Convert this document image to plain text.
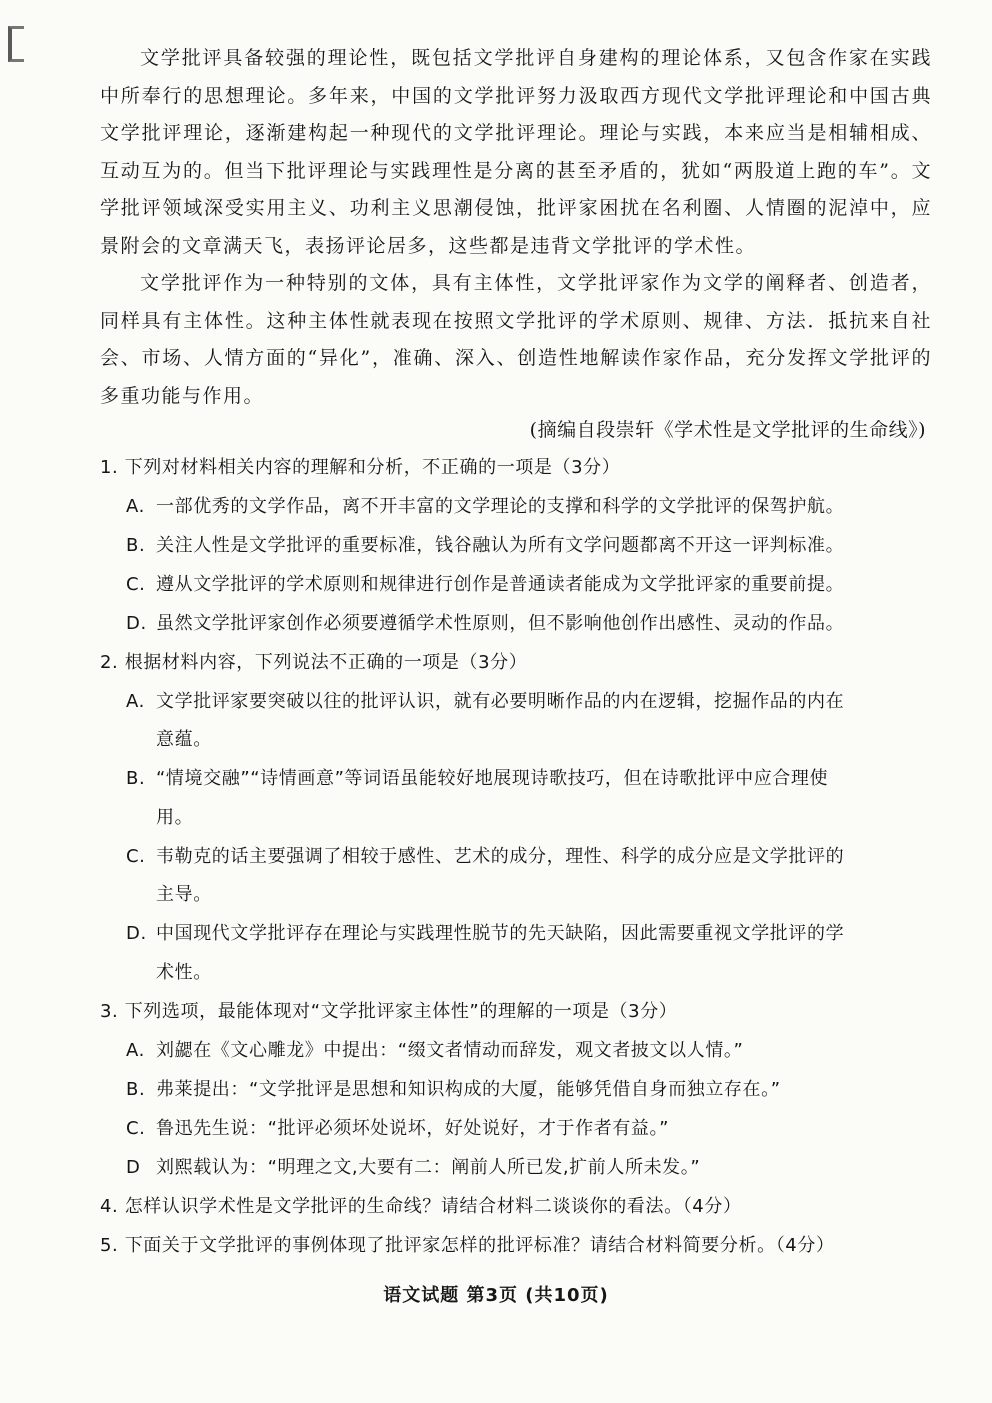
文学批评具备较强的理论性，既包括文学批评自身建构的理论体系，又包含作家在实践中所奉行的思想理论。多年来，中国的文学批评努力汲取西方现代文学批评理论和中国古典文学批评理论，逐渐建构起一种现代的文学批评理论。理论与实践，本来应当是相辅相成、互动互为的。但当下批评理论与实践理性是分离的甚至矛盾的，犹如“两股道上跑的车”。文学批评领域深受实用主义、功利主义思潮侵蚀，批评家困扰在名利圈、人情圈的泥淖中，应景附会的文章满天飞，表扬评论居多，这些都是违背文学批评的学术性。
文学批评作为一种特别的文体，具有主体性，文学批评家作为文学的阐释者、创造者，同样具有主体性。这种主体性就表现在按照文学批评的学术原则、规律、方法．抵抗来自社会、市场、人情方面的“异化”，准确、深入、创造性地解读作家作品，充分发挥文学批评的多重功能与作用。
(摘编自段崇轩《学术性是文学批评的生命线》)
1. 下列对材料相关内容的理解和分析，不正确的一项是（3分）
A. 一部优秀的文学作品，离不开丰富的文学理论的支撑和科学的文学批评的保驾护航。
B. 关注人性是文学批评的重要标准，钱谷融认为所有文学问题都离不开这一评判标准。
C. 遵从文学批评的学术原则和规律进行创作是普通读者能成为文学批评家的重要前提。
D. 虽然文学批评家创作必须要遵循学术性原则，但不影响他创作出感性、灵动的作品。
2. 根据材料内容，下列说法不正确的一项是（3分）
A. 文学批评家要突破以往的批评认识，就有必要明晰作品的内在逻辑，挖掘作品的内在
意蕴。
B. “情境交融”“诗情画意”等词语虽能较好地展现诗歌技巧，但在诗歌批评中应合理使
用。
C. 韦勒克的话主要强调了相较于感性、艺术的成分，理性、科学的成分应是文学批评的
主导。
D. 中国现代文学批评存在理论与实践理性脱节的先天缺陷，因此需要重视文学批评的学
术性。
3. 下列选项，最能体现对“文学批评家主体性”的理解的一项是（3分）
A. 刘勰在《文心雕龙》中提出：“缀文者情动而辞发，观文者披文以人情。”
B. 弗莱提出：“文学批评是思想和知识构成的大厦，能够凭借自身而独立存在。”
C. 鲁迅先生说：“批评必须坏处说坏，好处说好，才于作者有益。”
D 刘熙载认为：“明理之文,大要有二：阐前人所已发,扩前人所未发。”
4. 怎样认识学术性是文学批评的生命线？请结合材料二谈谈你的看法。（4分）
5. 下面关于文学批评的事例体现了批评家怎样的批评标准？请结合材料简要分析。（4分）
语文试题 第3页 (共10页)
